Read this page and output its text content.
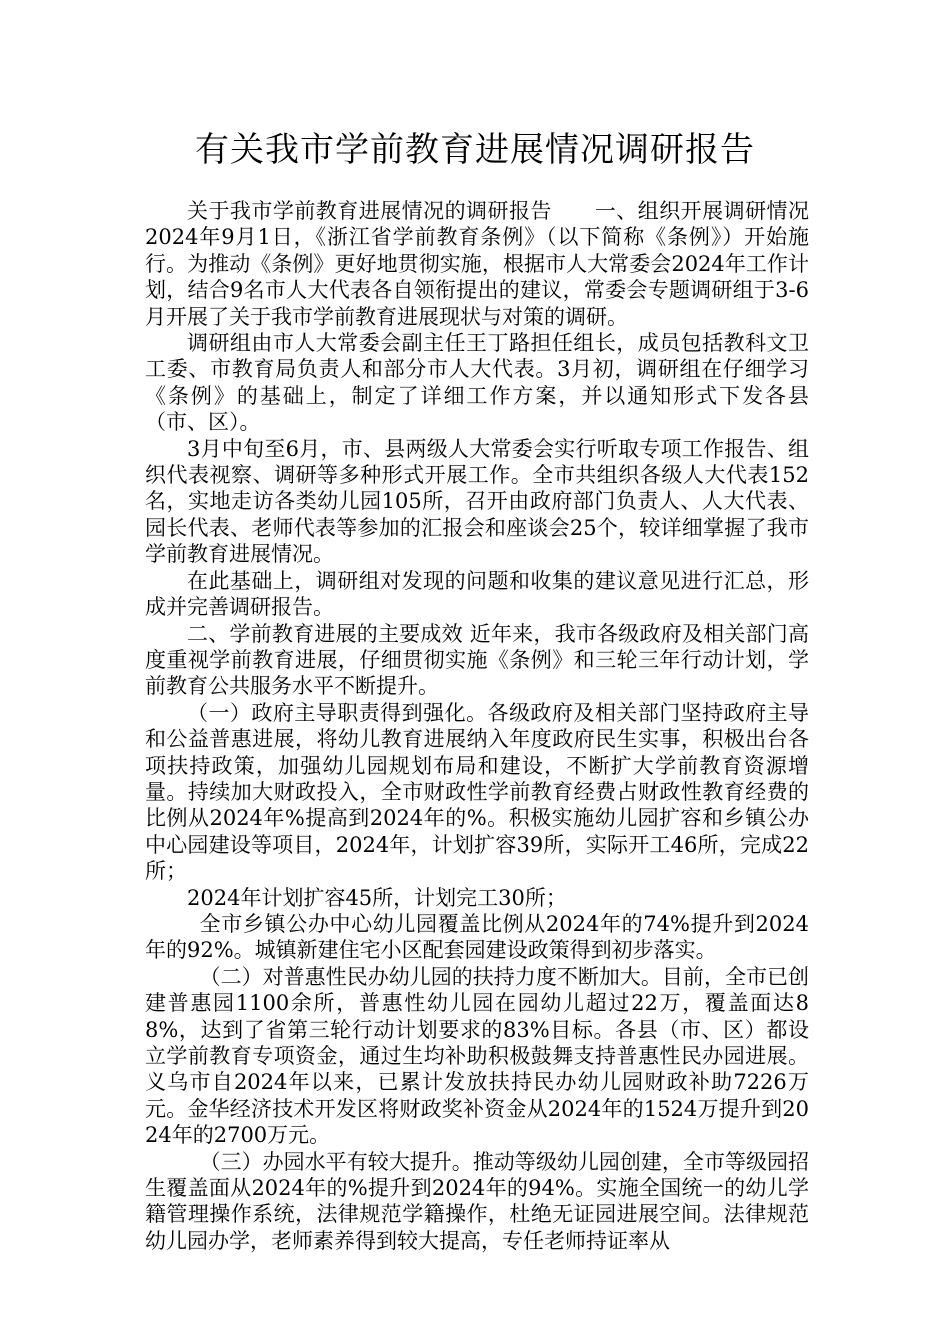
有关我市学前教育进展情况调研报告

关于我市学前教育进展情况的调研报告　　一、组织开展调研情况 2024年9月1日，《浙江省学前教育条例》（以下简称《条例》）开始施行。为推动《条例》更好地贯彻实施，根据市人大常委会2024年工作计划，结合9名市人大代表各自领衔提出的建议，常委会专题调研组于3-6月开展了关于我市学前教育进展现状与对策的调研。

调研组由市人大常委会副主任王丁路担任组长，成员包括教科文卫工委、市教育局负责人和部分市人大代表。3月初，调研组在仔细学习《条例》的基础上，制定了详细工作方案，并以通知形式下发各县（市、区）。

3月中旬至6月，市、县两级人大常委会实行听取专项工作报告、组织代表视察、调研等多种形式开展工作。全市共组织各级人大代表152名，实地走访各类幼儿园105所，召开由政府部门负责人、人大代表、园长代表、老师代表等参加的汇报会和座谈会25个，较详细掌握了我市学前教育进展情况。

在此基础上，调研组对发现的问题和收集的建议意见进行汇总，形成并完善调研报告。

二、学前教育进展的主要成效 近年来，我市各级政府及相关部门高度重视学前教育进展，仔细贯彻实施《条例》和三轮三年行动计划，学前教育公共服务水平不断提升。

（一）政府主导职责得到强化。各级政府及相关部门坚持政府主导和公益普惠进展，将幼儿教育进展纳入年度政府民生实事，积极出台各项扶持政策，加强幼儿园规划布局和建设，不断扩大学前教育资源增量。持续加大财政投入，全市财政性学前教育经费占财政性教育经费的比例从2024年%提高到2024年的%。积极实施幼儿园扩容和乡镇公办中心园建设等项目，2024年，计划扩容39所，实际开工46所，完成22所；

2024年计划扩容45所，计划完工30所；

全市乡镇公办中心幼儿园覆盖比例从2024年的74%提升到2024年的92%。城镇新建住宅小区配套园建设政策得到初步落实。

（二）对普惠性民办幼儿园的扶持力度不断加大。目前，全市已创建普惠园1100余所，普惠性幼儿园在园幼儿超过22万，覆盖面达88%，达到了省第三轮行动计划要求的83%目标。各县（市、区）都设立学前教育专项资金，通过生均补助积极鼓舞支持普惠性民办园进展。义乌市自2024年以来，已累计发放扶持民办幼儿园财政补助7226万元。金华经济技术开发区将财政奖补资金从2024年的1524万提升到2024年的2700万元。

（三）办园水平有较大提升。推动等级幼儿园创建，全市等级园招生覆盖面从2024年的%提升到2024年的94%。实施全国统一的幼儿学籍管理操作系统，法律规范学籍操作，杜绝无证园进展空间。法律规范幼儿园办学，老师素养得到较大提高，专任老师持证率从
